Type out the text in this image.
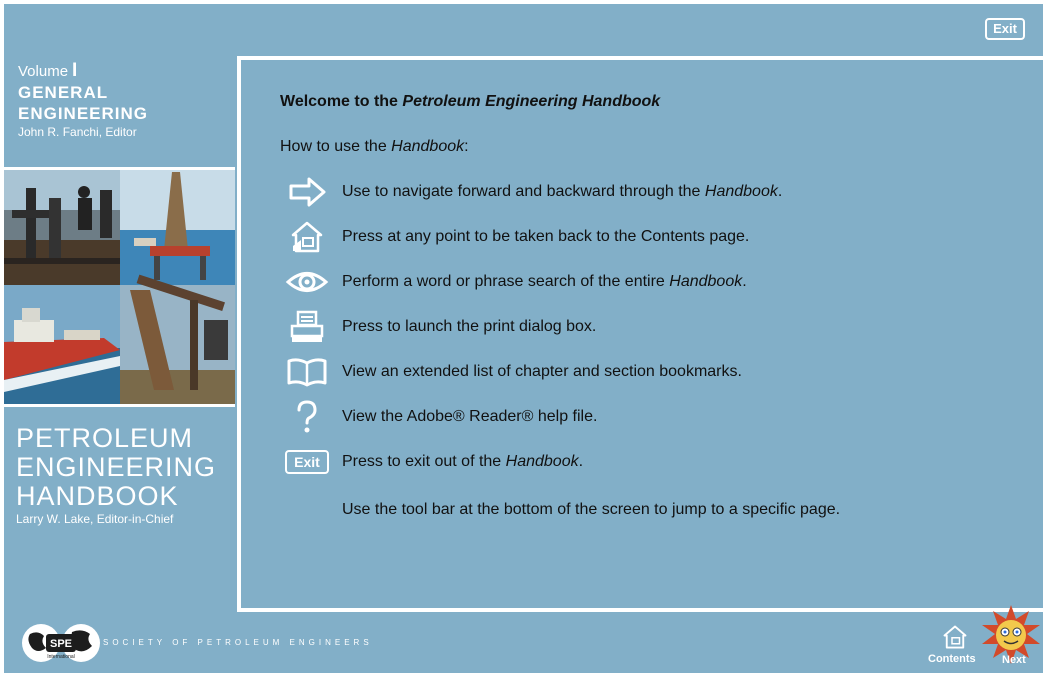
Exit
Volume I
GENERAL
ENGINEERING
John R. Fanchi, Editor
PETROLEUM
ENGINEERING
HANDBOOK
Larry W. Lake, Editor-in-Chief
Welcome to the Petroleum Engineering Handbook
How to use the Handbook:
Use to navigate forward and backward through the Handbook.
Press at any point to be taken back to the Contents page.
Perform a word or phrase search of the entire Handbook.
Press to launch the print dialog box.
View an extended list of chapter and section bookmarks.
View the Adobe® Reader® help file.
Exit	Press to exit out of the Handbook.
Use the tool bar at the bottom of the screen to jump to a specific page.
SPE
International
SOCIETY OF PETROLEUM ENGINEERS
Contents Next
